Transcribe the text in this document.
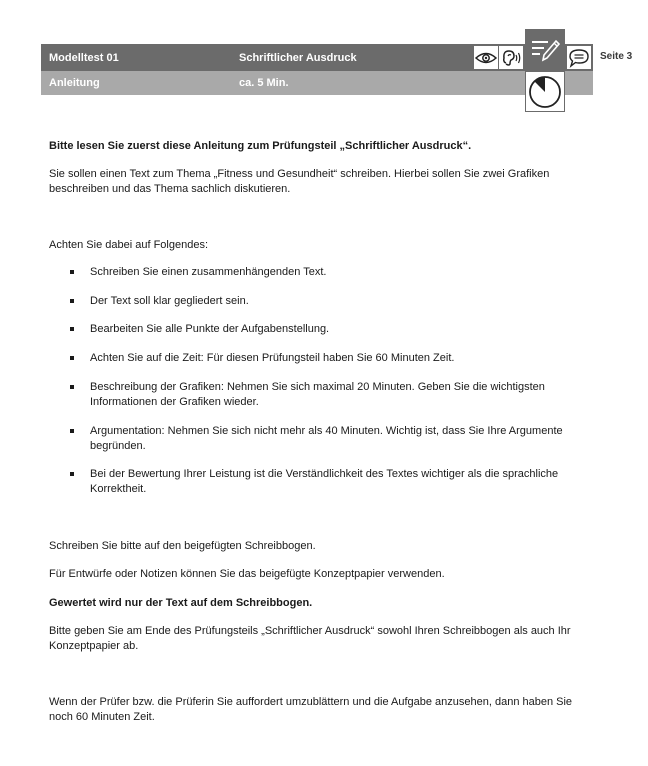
Modelltest 01	Schriftlicher Ausdruck
Anleitung	ca. 5 Min.
Seite 3
Bitte lesen Sie zuerst diese Anleitung zum Prüfungsteil „Schriftlicher Ausdruck“.
Sie sollen einen Text zum Thema „Fitness und Gesundheit“ schreiben. Hierbei sollen Sie zwei Grafiken
beschreiben und das Thema sachlich diskutieren.
Achten Sie dabei auf Folgendes:
Schreiben Sie einen zusammenhängenden Text.
Der Text soll klar gegliedert sein.
Bearbeiten Sie alle Punkte der Aufgabenstellung.
Achten Sie auf die Zeit: Für diesen Prüfungsteil haben Sie 60 Minuten Zeit.
Beschreibung der Grafiken: Nehmen Sie sich maximal 20 Minuten. Geben Sie die wichtigsten
Informationen der Grafiken wieder.
Argumentation: Nehmen Sie sich nicht mehr als 40 Minuten. Wichtig ist, dass Sie Ihre Argumente
begründen.
Bei der Bewertung Ihrer Leistung ist die Verständlichkeit des Textes wichtiger als die sprachliche
Korrektheit.
Schreiben Sie bitte auf den beigefügten Schreibbogen.
Für Entwürfe oder Notizen können Sie das beigefügte Konzeptpapier verwenden.
Gewertet wird nur der Text auf dem Schreibbogen.
Bitte geben Sie am Ende des Prüfungsteils „Schriftlicher Ausdruck“ sowohl Ihren Schreibbogen als auch Ihr
Konzeptpapier ab.
Wenn der Prüfer bzw. die Prüferin Sie auffordert umzublättern und die Aufgabe anzusehen, dann haben Sie
noch 60 Minuten Zeit.
